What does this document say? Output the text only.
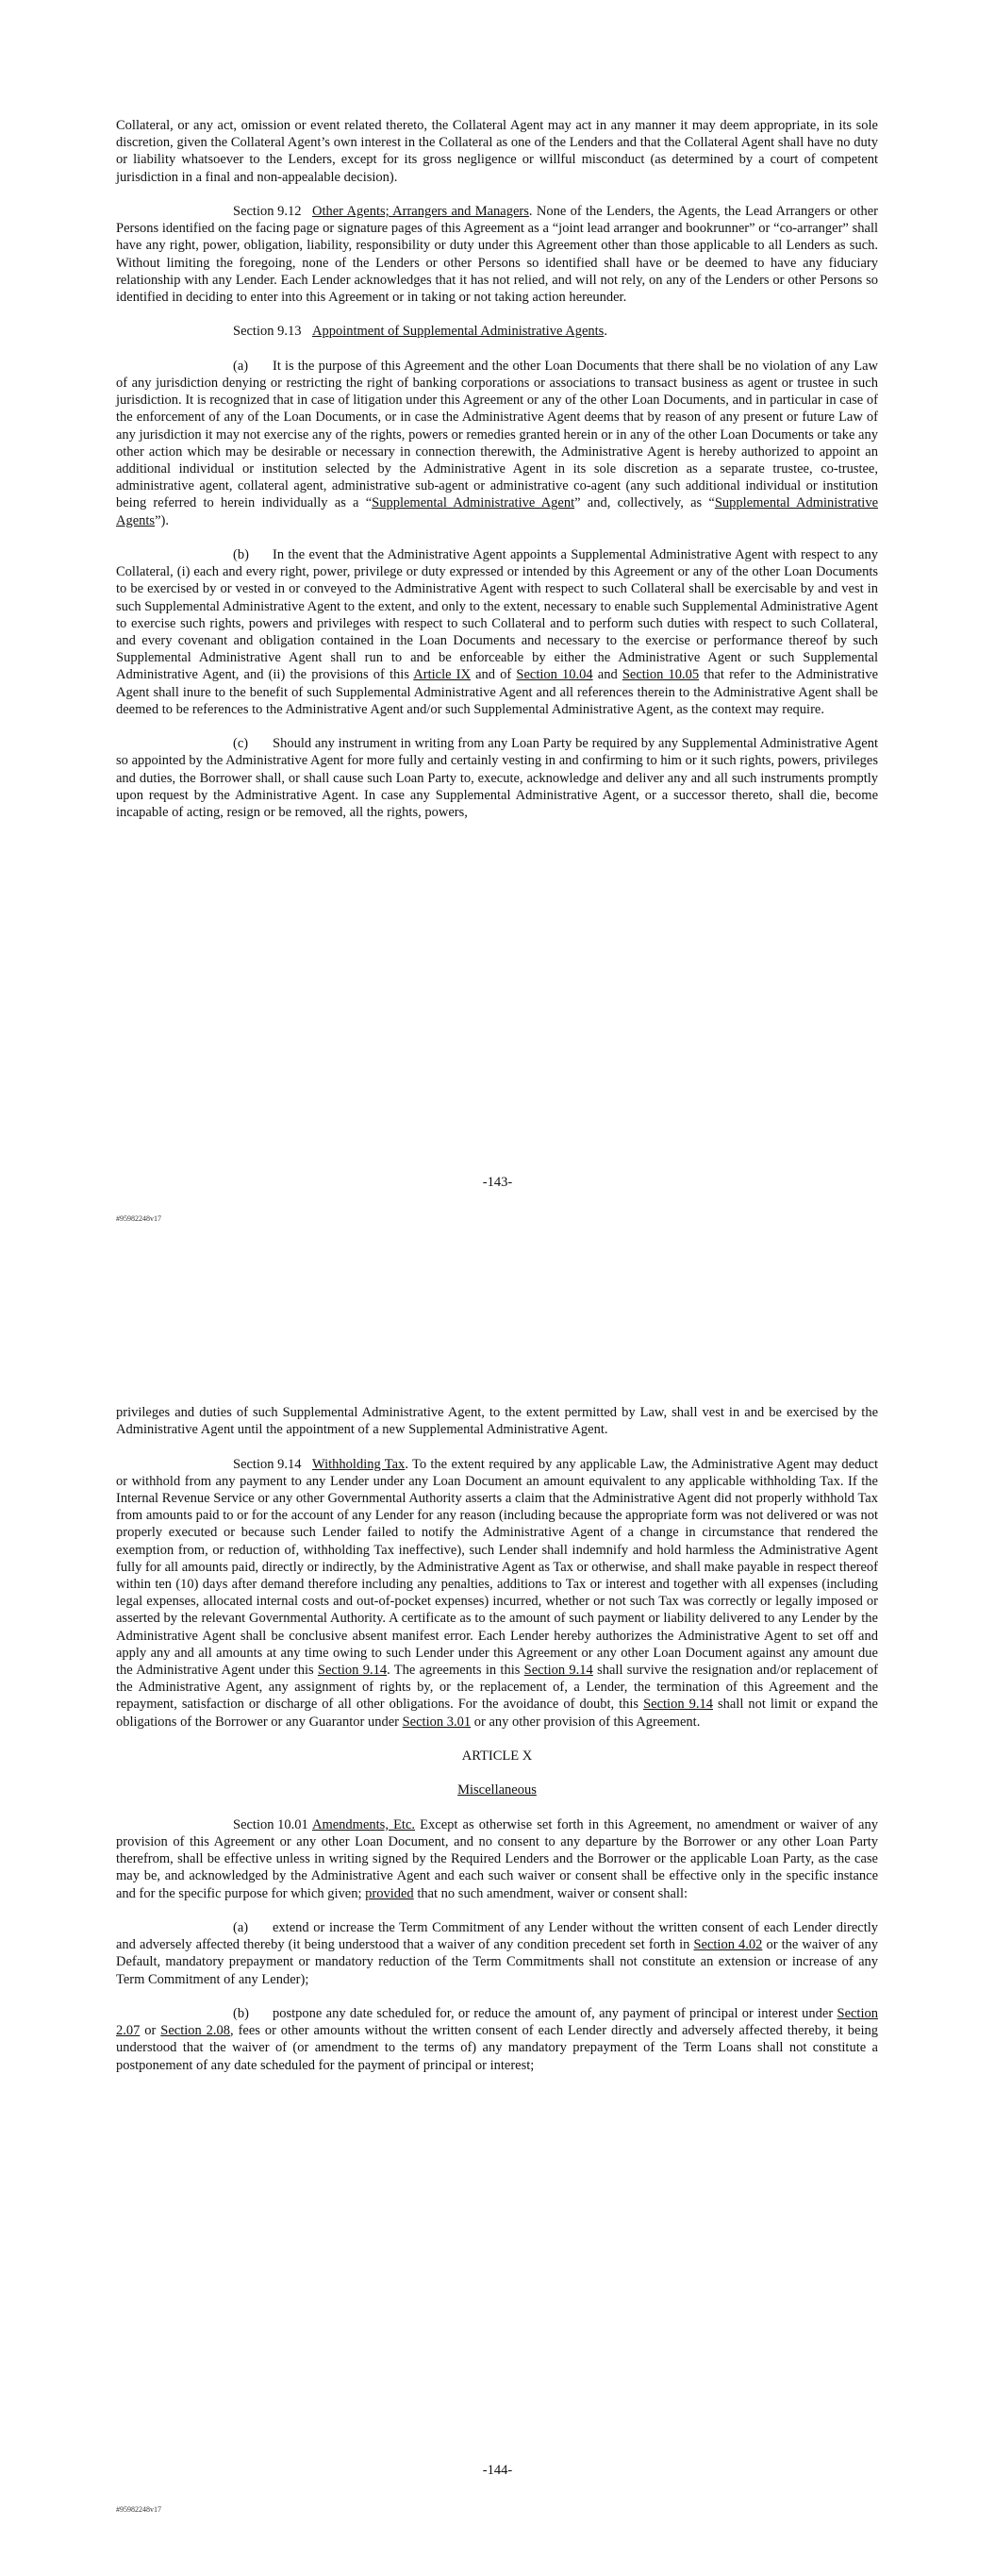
Collateral, or any act, omission or event related thereto, the Collateral Agent may act in any manner it may deem appropriate, in its sole discretion, given the Collateral Agent’s own interest in the Collateral as one of the Lenders and that the Collateral Agent shall have no duty or liability whatsoever to the Lenders, except for its gross negligence or willful misconduct (as determined by a court of competent jurisdiction in a final and non-appealable decision).

Section 9.12 Other Agents; Arrangers and Managers. None of the Lenders, the Agents, the Lead Arrangers or other Persons identified on the facing page or signature pages of this Agreement as a “joint lead arranger and bookrunner” or “co-arranger” shall have any right, power, obligation, liability, responsibility or duty under this Agreement other than those applicable to all Lenders as such. Without limiting the foregoing, none of the Lenders or other Persons so identified shall have or be deemed to have any fiduciary relationship with any Lender. Each Lender acknowledges that it has not relied, and will not rely, on any of the Lenders or other Persons so identified in deciding to enter into this Agreement or in taking or not taking action hereunder.

Section 9.13 Appointment of Supplemental Administrative Agents.

(a) It is the purpose of this Agreement and the other Loan Documents that there shall be no violation of any Law of any jurisdiction denying or restricting the right of banking corporations or associations to transact business as agent or trustee in such jurisdiction. It is recognized that in case of litigation under this Agreement or any of the other Loan Documents, and in particular in case of the enforcement of any of the Loan Documents, or in case the Administrative Agent deems that by reason of any present or future Law of any jurisdiction it may not exercise any of the rights, powers or remedies granted herein or in any of the other Loan Documents or take any other action which may be desirable or necessary in connection therewith, the Administrative Agent is hereby authorized to appoint an additional individual or institution selected by the Administrative Agent in its sole discretion as a separate trustee, co-trustee, administrative agent, collateral agent, administrative sub-agent or administrative co-agent (any such additional individual or institution being referred to herein individually as a “Supplemental Administrative Agent” and, collectively, as “Supplemental Administrative Agents”).

(b) In the event that the Administrative Agent appoints a Supplemental Administrative Agent with respect to any Collateral, (i) each and every right, power, privilege or duty expressed or intended by this Agreement or any of the other Loan Documents to be exercised by or vested in or conveyed to the Administrative Agent with respect to such Collateral shall be exercisable by and vest in such Supplemental Administrative Agent to the extent, and only to the extent, necessary to enable such Supplemental Administrative Agent to exercise such rights, powers and privileges with respect to such Collateral and to perform such duties with respect to such Collateral, and every covenant and obligation contained in the Loan Documents and necessary to the exercise or performance thereof by such Supplemental Administrative Agent shall run to and be enforceable by either the Administrative Agent or such Supplemental Administrative Agent, and (ii) the provisions of this Article IX and of Section 10.04 and Section 10.05 that refer to the Administrative Agent shall inure to the benefit of such Supplemental Administrative Agent and all references therein to the Administrative Agent shall be deemed to be references to the Administrative Agent and/or such Supplemental Administrative Agent, as the context may require.

(c) Should any instrument in writing from any Loan Party be required by any Supplemental Administrative Agent so appointed by the Administrative Agent for more fully and certainly vesting in and confirming to him or it such rights, powers, privileges and duties, the Borrower shall, or shall cause such Loan Party to, execute, acknowledge and deliver any and all such instruments promptly upon request by the Administrative Agent. In case any Supplemental Administrative Agent, or a successor thereto, shall die, become incapable of acting, resign or be removed, all the rights, powers,

-143-
#95982248v17

privileges and duties of such Supplemental Administrative Agent, to the extent permitted by Law, shall vest in and be exercised by the Administrative Agent until the appointment of a new Supplemental Administrative Agent.

Section 9.14 Withholding Tax. To the extent required by any applicable Law, the Administrative Agent may deduct or withhold from any payment to any Lender under any Loan Document an amount equivalent to any applicable withholding Tax. If the Internal Revenue Service or any other Governmental Authority asserts a claim that the Administrative Agent did not properly withhold Tax from amounts paid to or for the account of any Lender for any reason (including because the appropriate form was not delivered or was not properly executed or because such Lender failed to notify the Administrative Agent of a change in circumstance that rendered the exemption from, or reduction of, withholding Tax ineffective), such Lender shall indemnify and hold harmless the Administrative Agent fully for all amounts paid, directly or indirectly, by the Administrative Agent as Tax or otherwise, and shall make payable in respect thereof within ten (10) days after demand therefore including any penalties, additions to Tax or interest and together with all expenses (including legal expenses, allocated internal costs and out-of-pocket expenses) incurred, whether or not such Tax was correctly or legally imposed or asserted by the relevant Governmental Authority. A certificate as to the amount of such payment or liability delivered to any Lender by the Administrative Agent shall be conclusive absent manifest error. Each Lender hereby authorizes the Administrative Agent to set off and apply any and all amounts at any time owing to such Lender under this Agreement or any other Loan Document against any amount due the Administrative Agent under this Section 9.14. The agreements in this Section 9.14 shall survive the resignation and/or replacement of the Administrative Agent, any assignment of rights by, or the replacement of, a Lender, the termination of this Agreement and the repayment, satisfaction or discharge of all other obligations. For the avoidance of doubt, this Section 9.14 shall not limit or expand the obligations of the Borrower or any Guarantor under Section 3.01 or any other provision of this Agreement.

ARTICLE X

Miscellaneous

Section 10.01 Amendments, Etc. Except as otherwise set forth in this Agreement, no amendment or waiver of any provision of this Agreement or any other Loan Document, and no consent to any departure by the Borrower or any other Loan Party therefrom, shall be effective unless in writing signed by the Required Lenders and the Borrower or the applicable Loan Party, as the case may be, and acknowledged by the Administrative Agent and each such waiver or consent shall be effective only in the specific instance and for the specific purpose for which given; provided that no such amendment, waiver or consent shall:

(a) extend or increase the Term Commitment of any Lender without the written consent of each Lender directly and adversely affected thereby (it being understood that a waiver of any condition precedent set forth in Section 4.02 or the waiver of any Default, mandatory prepayment or mandatory reduction of the Term Commitments shall not constitute an extension or increase of any Term Commitment of any Lender);

(b) postpone any date scheduled for, or reduce the amount of, any payment of principal or interest under Section 2.07 or Section 2.08, fees or other amounts without the written consent of each Lender directly and adversely affected thereby, it being understood that the waiver of (or amendment to the terms of) any mandatory prepayment of the Term Loans shall not constitute a postponement of any date scheduled for the payment of principal or interest;

-144-
#95982248v17
